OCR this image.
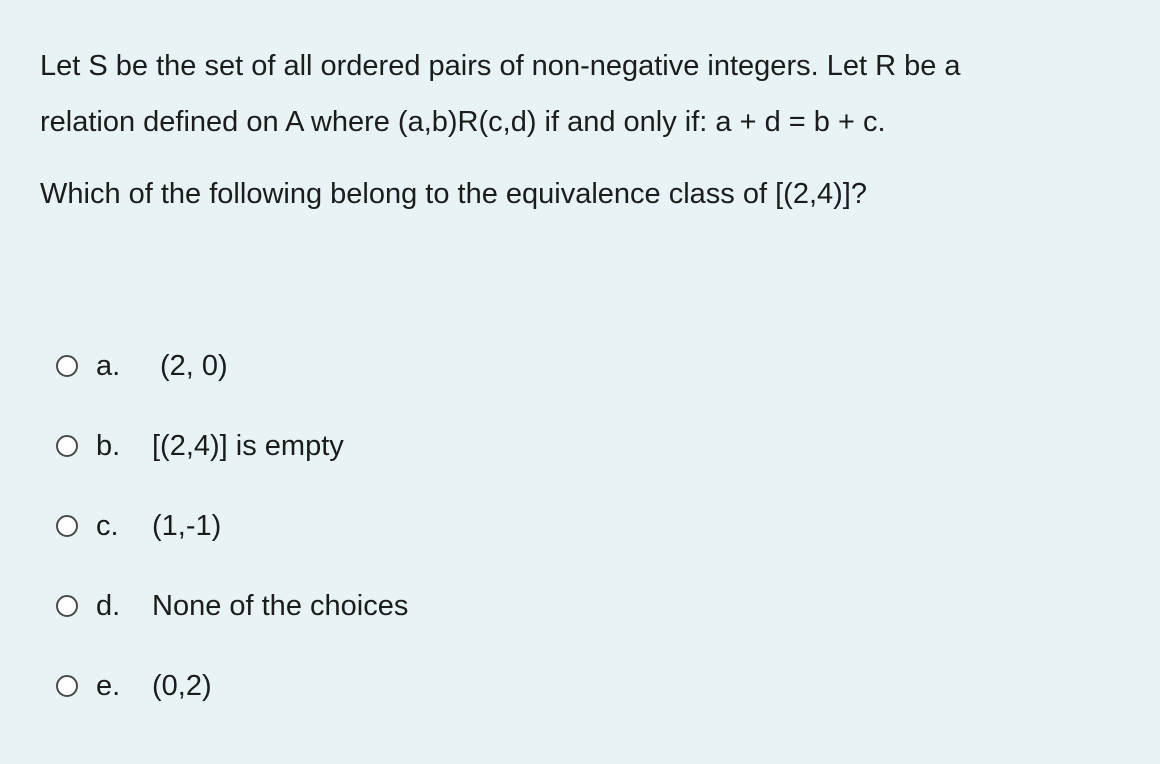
Let S be the set of all ordered pairs of non-negative integers. Let R be a

relation defined on A where (a,b)R(c,d) if and only if: a + d = b + c.

Which of the following belong to the equivalence class of [(2,4)]?

a.	(2, 0)
b.	[(2,4)] is empty
c.	(1,-1)
d.	None of the choices
e.	(0,2)
